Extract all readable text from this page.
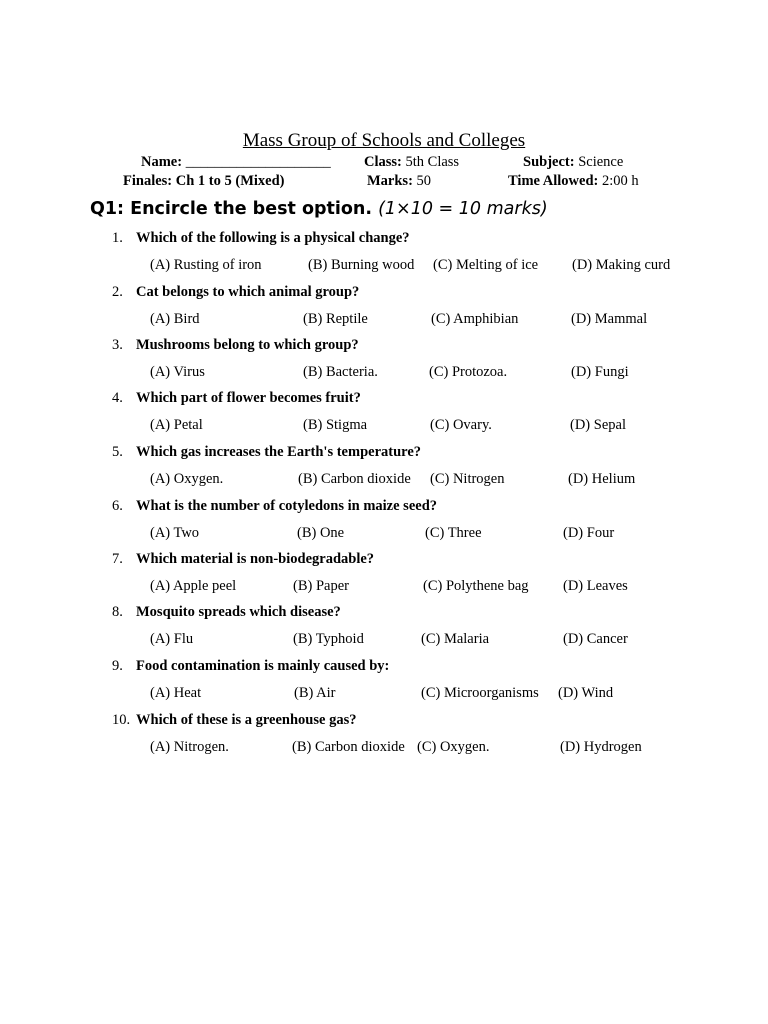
Mass Group of Schools and Colleges
Name: ____________________ Class: 5th Class	Subject: Science
Finales: Ch 1 to 5 (Mixed)	Marks: 50	Time Allowed: 2:00 h
Q1: Encircle the best option. (1×10 = 10 marks)
1. Which of the following is a physical change?
(A) Rusting of iron	(B) Burning wood (C) Melting of ice (D) Making curd
2. Cat belongs to which animal group?
(A) Bird	(B) Reptile	(C) Amphibian	(D) Mammal
3. Mushrooms belong to which group?
(A) Virus	(B) Bacteria.	(C) Protozoa.	(D) Fungi
4. Which part of flower becomes fruit?
(A) Petal	(B) Stigma	(C) Ovary.	(D) Sepal
5. Which gas increases the Earth's temperature?
(A) Oxygen.	(B) Carbon dioxide (C) Nitrogen	(D) Helium
6. What is the number of cotyledons in maize seed?
(A) Two	(B) One	(C) Three	(D) Four
7. Which material is non-biodegradable?
(A) Apple peel	(B) Paper	(C) Polythene bag (D) Leaves
8. Mosquito spreads which disease?
(A) Flu	(B) Typhoid	(C) Malaria	(D) Cancer
9. Food contamination is mainly caused by:
(A) Heat	(B) Air	(C) Microorganisms (D) Wind
10. Which of these is a greenhouse gas?
(A) Nitrogen.	(B) Carbon dioxide (C) Oxygen.	(D) Hydrogen
